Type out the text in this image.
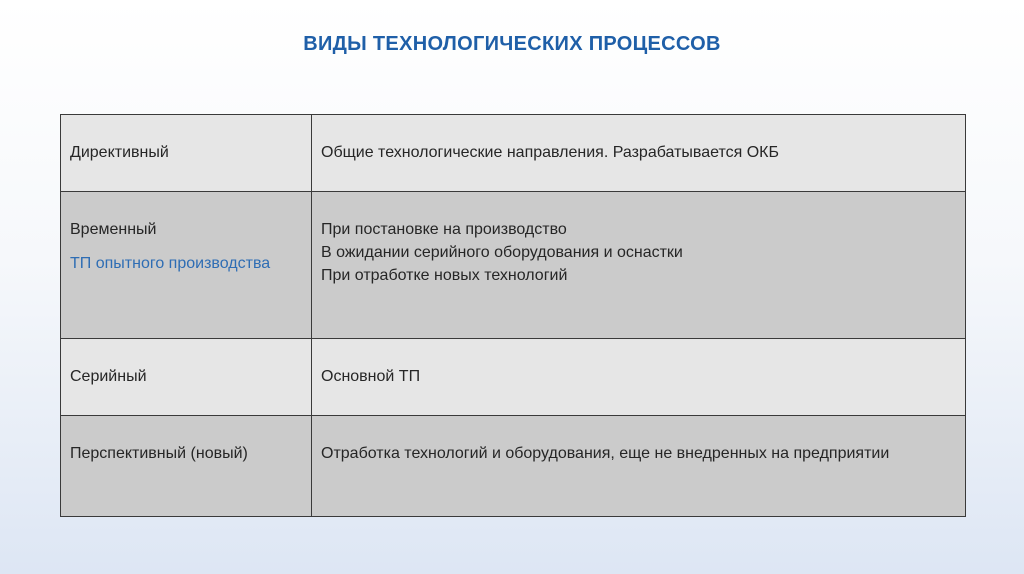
ВИДЫ ТЕХНОЛОГИЧЕСКИХ ПРОЦЕССОВ
Директивный	Общие технологические направления. Разрабатывается ОКБ

Временный
ТП опытного производства	При постановке на производство
В ожидании серийного оборудования и оснастки
При отработке новых технологий

Серийный	Основной ТП

Перспективный (новый)	Отработка технологий и оборудования, еще не внедренных на предприятии
